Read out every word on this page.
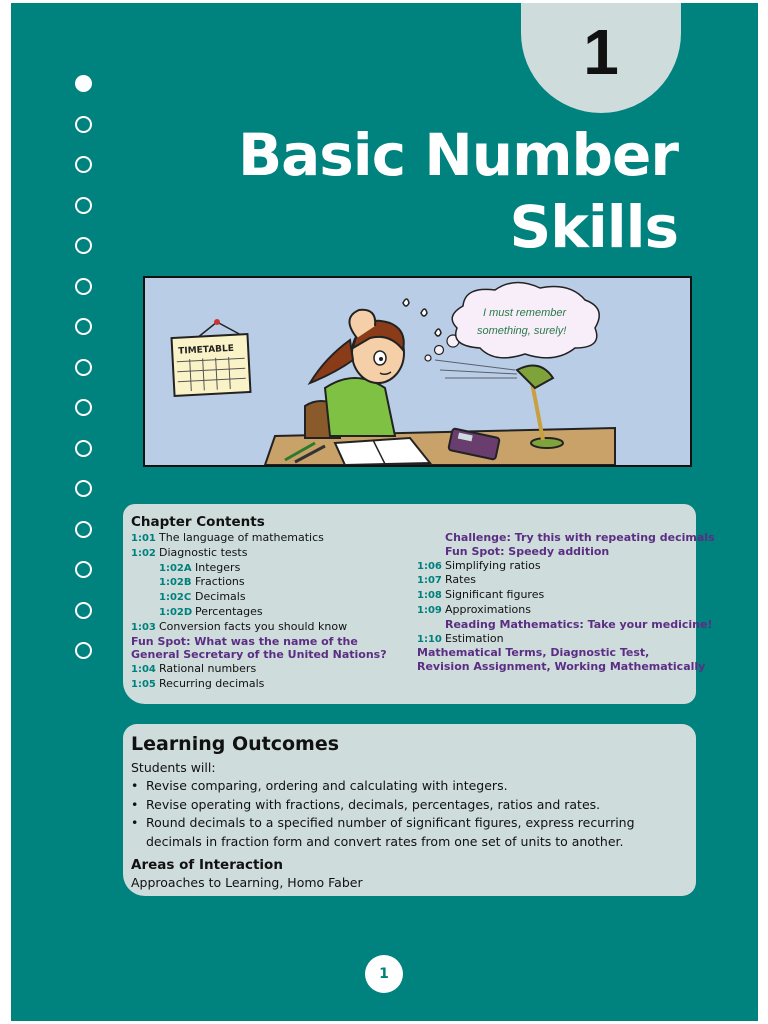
1
Basic Number
Skills
TIMETABLE
I must remember something, surely!
Chapter Contents
1:01 The language of mathematics
1:02 Diagnostic tests
1:02A Integers
1:02B Fractions
1:02C Decimals
1:02D Percentages
1:03 Conversion facts you should know
Fun Spot: What was the name of the
General Secretary of the United Nations?
1:04 Rational numbers
1:05 Recurring decimals
Challenge: Try this with repeating decimals
Fun Spot: Speedy addition
1:06 Simplifying ratios
1:07 Rates
1:08 Significant figures
1:09 Approximations
Reading Mathematics: Take your medicine!
1:10 Estimation
Mathematical Terms, Diagnostic Test,
Revision Assignment, Working Mathematically
Learning Outcomes
Students will:
• Revise comparing, ordering and calculating with integers.
• Revise operating with fractions, decimals, percentages, ratios and rates.
• Round decimals to a specified number of significant figures, express recurring decimals in fraction form and convert rates from one set of units to another.
Areas of Interaction
Approaches to Learning, Homo Faber
1
